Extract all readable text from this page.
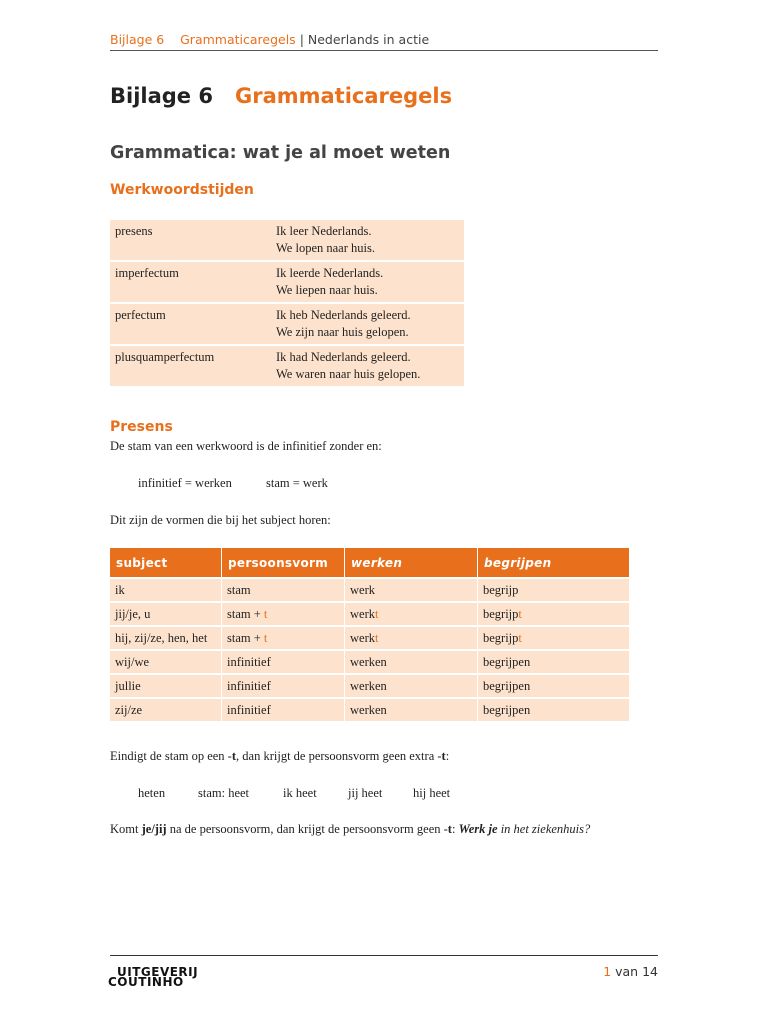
Bijlage 6 Grammaticaregels | Nederlands in actie
Bijlage 6 Grammaticaregels
Grammatica: wat je al moet weten
Werkwoordstijden
presens	Ik leer Nederlands.
We lopen naar huis.
imperfectum	Ik leerde Nederlands.
We liepen naar huis.
perfectum	Ik heb Nederlands geleerd.
We zijn naar huis gelopen.
plusquamperfectum	Ik had Nederlands geleerd.
We waren naar huis gelopen.
Presens
De stam van een werkwoord is de infinitief zonder en:
infinitief = werken	stam = werk
Dit zijn de vormen die bij het subject horen:
subject	persoonsvorm	werken	begrijpen
ik	stam	werk	begrijp
jij/je, u	stam + t	werkt	begrijpt
hij, zij/ze, hen, het	stam + t	werkt	begrijpt
wij/we	infinitief	werken	begrijpen
jullie	infinitief	werken	begrijpen
zij/ze	infinitief	werken	begrijpen
Eindigt de stam op een -t, dan krijgt de persoonsvorm geen extra -t:
heten	stam: heet	ik heet	jij heet hij heet
Komt je/jij na de persoonsvorm, dan krijgt de persoonsvorm geen -t: Werk je in het ziekenhuis?
UITGEVERIJ
COUTINHO
1 van 14
